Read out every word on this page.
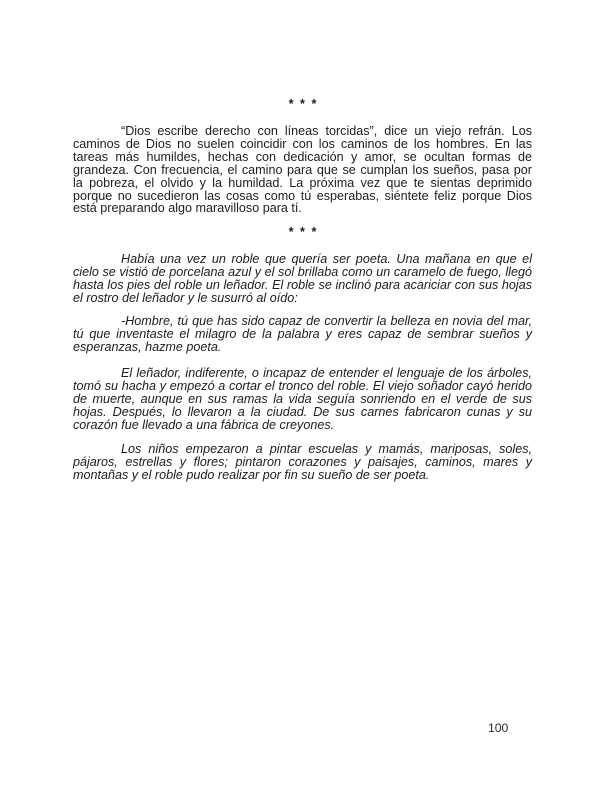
* * *

“Dios escribe derecho con líneas torcidas”, dice un viejo refrán. Los caminos de Dios no suelen coincidir con los caminos de los hombres. En las tareas más humildes, hechas con dedicación y amor, se ocultan formas de grandeza. Con frecuencia, el camino para que se cumplan los sueños, pasa por la pobreza, el olvido y la humildad. La próxima vez que te sientas deprimido porque no sucedieron las cosas como tú esperabas, siéntete feliz porque Dios está preparando algo maravilloso para tí.

* * *

Había una vez un roble que quería ser poeta. Una mañana en que el cielo se vistió de porcelana azul y el sol brillaba como un caramelo de fuego, llegó hasta los pies del roble un leñador. El roble se inclinó para acariciar con sus hojas el rostro del leñador y le susurró al oído:

-Hombre, tú que has sido capaz de convertir la belleza en novia del mar, tú que inventaste el milagro de la palabra y eres capaz de sembrar sueños y esperanzas, hazme poeta.

El leñador, indiferente, o incapaz de entender el lenguaje de los árboles, tomó su hacha y empezó a cortar el tronco del roble. El viejo soñador cayó herido de muerte, aunque en sus ramas la vida seguía sonriendo en el verde de sus hojas. Después, lo llevaron a la ciudad. De sus carnes fabricaron cunas y su corazón fue llevado a una fábrica de creyones.

Los niños empezaron a pintar escuelas y mamás, mariposas, soles, pájaros, estrellas y flores; pintaron corazones y paisajes, caminos, mares y montañas y el roble pudo realizar por fin su sueño de ser poeta.

100
